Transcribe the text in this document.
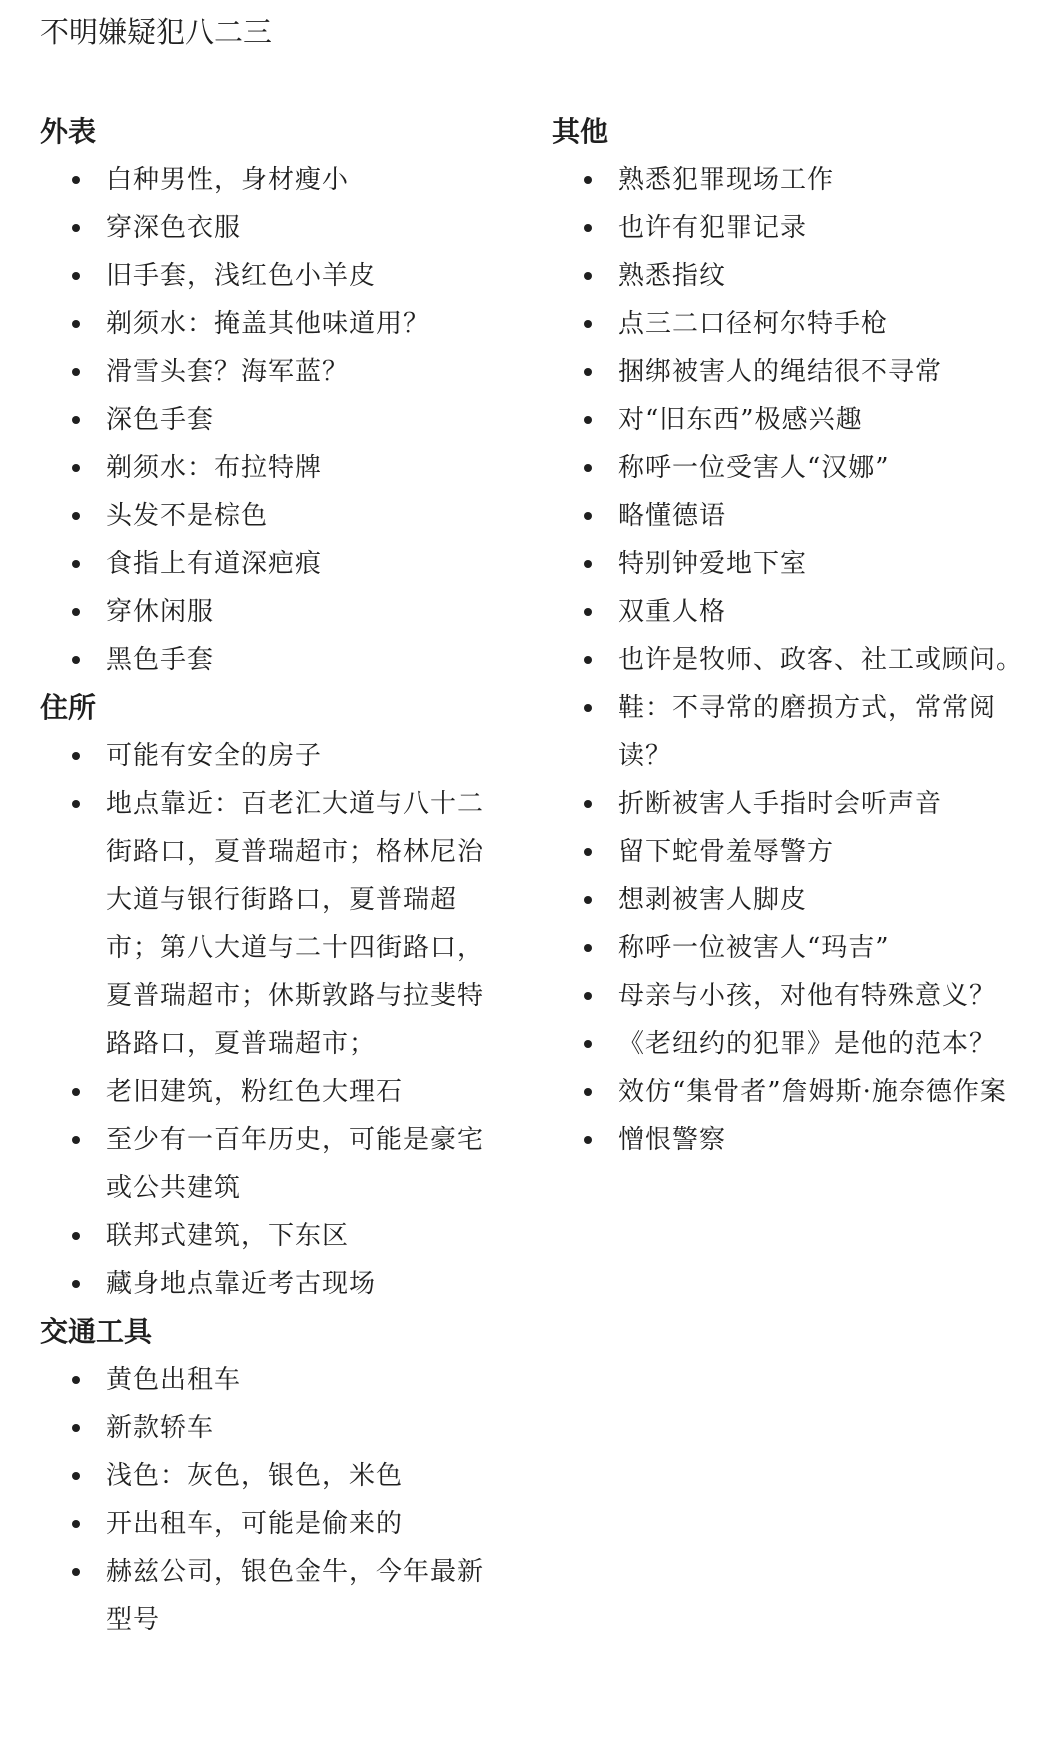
不明嫌疑犯八二三
外表
白种男性，身材瘦小
穿深色衣服
旧手套，浅红色小羊皮
剃须水：掩盖其他味道用？
滑雪头套？海军蓝？
深色手套
剃须水：布拉特牌
头发不是棕色
食指上有道深疤痕
穿休闲服
黑色手套
住所
可能有安全的房子
地点靠近：百老汇大道与八十二街路口，夏普瑞超市；格林尼治大道与银行街路口，夏普瑞超市；第八大道与二十四街路口，夏普瑞超市；休斯敦路与拉斐特路路口，夏普瑞超市；
老旧建筑，粉红色大理石
至少有一百年历史，可能是豪宅或公共建筑
联邦式建筑，下东区
藏身地点靠近考古现场
交通工具
黄色出租车
新款轿车
浅色：灰色，银色，米色
开出租车，可能是偷来的
赫兹公司，银色金牛，今年最新型号
其他
熟悉犯罪现场工作
也许有犯罪记录
熟悉指纹
点三二口径柯尔特手枪
捆绑被害人的绳结很不寻常
对“旧东西”极感兴趣
称呼一位受害人“汉娜”
略懂德语
特别钟爱地下室
双重人格
也许是牧师、政客、社工或顾问。
鞋：不寻常的磨损方式，常常阅读？
折断被害人手指时会听声音
留下蛇骨羞辱警方
想剥被害人脚皮
称呼一位被害人“玛吉”
母亲与小孩，对他有特殊意义？
《老纽约的犯罪》是他的范本？
效仿“集骨者”詹姆斯·施奈德作案
憎恨警察
